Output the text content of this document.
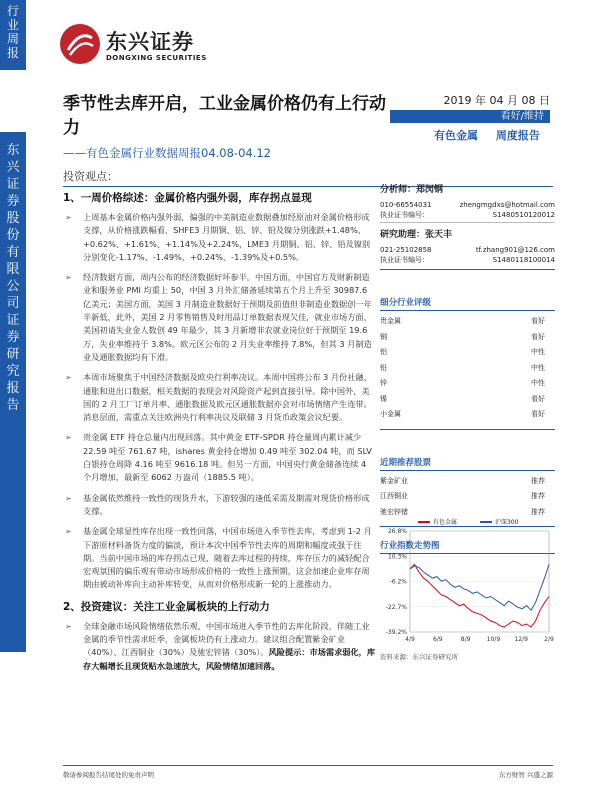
行
业
周
报
东
兴
证
券
股
份
有
限
公
司
证
券
研
究
报
告
东兴证券
DONGXING SECURITIES
季节性去库开启，工业金属价格仍有上行动力
——有色金属行业数据周报04.08-04.12
2019 年 04 月 08 日
看好/维持
有色金属 周度报告
投资观点：
1、一周价格综述：金属价格内强外弱，库存拐点显现
➢ 上周基本金属价格内强外弱，偏强的中美制造业数据叠加经原油对金属价格形成支撑，从价格涨跌幅看，SHFE3 月期铜、铝、锌、铅及镍分别涨跌+1.48%、+0.62%、+1.61%、+1.14%及+2.24%，LME3 月期铜、铝、锌、铅及镍别分别变化-1.17%、-1.49%、+0.24%、-1.39%及+0.5%。
➢ 经济数据方面，周内公布的经济数据好坏参半。中国方面，中国官方及财新制造业和服务业 PMI 均重上 50，中国 3 月外汇储备延续第五个月上升至 30987.6 亿美元；美国方面，美国 3 月制造业数据好于预期及前值但非制造业数据创一年半新低，此外，美国 2 月零售销售及时用品订单数据表现欠佳，就业市场方面，美国初请失业金人数创 49 年最少，其 3 月新增非农就业岗位好于预期至 19.6 万，失业率维持于 3.8%。欧元区公布的 2 月失业率维持 7.8%，但其 3 月制造业及通胀数据均有下滑。
➢ 本周市场聚焦于中国经济数据及欧央行利率决议。本周中国将公布 3 月份社融、通胀和进出口数据，相关数据的表现会对风险资产起到直接引导。除中国外，美国的 2 月工厂订单月率、通胀数据及欧元区通胀数据亦会对市场情绪产生连带。消息层面，需重点关注欧洲央行利率决议及联储 3 月货币政策会议纪要。
➢ 贵金属 ETF 持仓总量内出现回落。其中黄金 ETF-SPDR 持仓量周内累计减少 22.59 吨至 761.67 吨，ishares 黄金持仓增加 0.49 吨至 302.04 吨，而 SLV 白银持仓周降 4.16 吨至 9616.18 吨。但另一方面，中国央行黄金储备连续 4 个月增加，最新至 6062 万盎司（1885.5 吨）。
➢ 基金属依然维持一致性的现货升水，下游较强的逢低采需及期需对现货价格形成支撑。
➢ 基金属全球显性库存出现一致性回落，中国市场进入季节性去库，考虑到 1-2 月下游原材料备货力度的偏淡，预计本次中国季节性去库的周期和幅度或强于往期。当前中国市场的库存拐点已现，随着去库过程的持续，库存压力的减轻配合宏观氛围的偏乐观有带动市场形成价格的一致性上涨预期，这会加速企业库存周期由被动补库向主动补库转变，从而对价格形成新一轮的上涨推动力。
2、投资建议：关注工业金属板块的上行动力
➢ 全球金融市场风险情绪依然乐观，中国市场进入季节性的去库化阶段，伴随工业金属的季节性需求旺季，金属板块仍有上涨动力。建议组合配置紫金矿业（40%）、江西铜业（30%）及驰宏锌锗（30%）。风险提示：市场需求弱化，库存大幅增长且现货贴水急速放大，风险情绪加速回落。
分析师：郑闵钢
010-66554031	zhengmgdxs@hotmail.com
执业证书编号：	S1480510120012
研究助理：张天丰
021-25102858	tf.zhang901@126.com
执业证书编号：	S1480118100014
细分行业评级
贵金属	看好
铜	看好
铝	中性
铅	中性
锌	中性
镍	看好
小金属	看好
近期推荐股票
紫金矿业	推荐
江西铜业	推荐
驰宏锌锗	推荐
行业指数走势图
26.8%
10.3%
-6.2%
-22.7%
-39.2%
4/9	6/9	8/9	10/9 12/9	2/9
有色金属	沪深300
资料来源：东兴证券研究所
敬请参阅报告结尾处的免责声明	东方财智 兴盛之源
